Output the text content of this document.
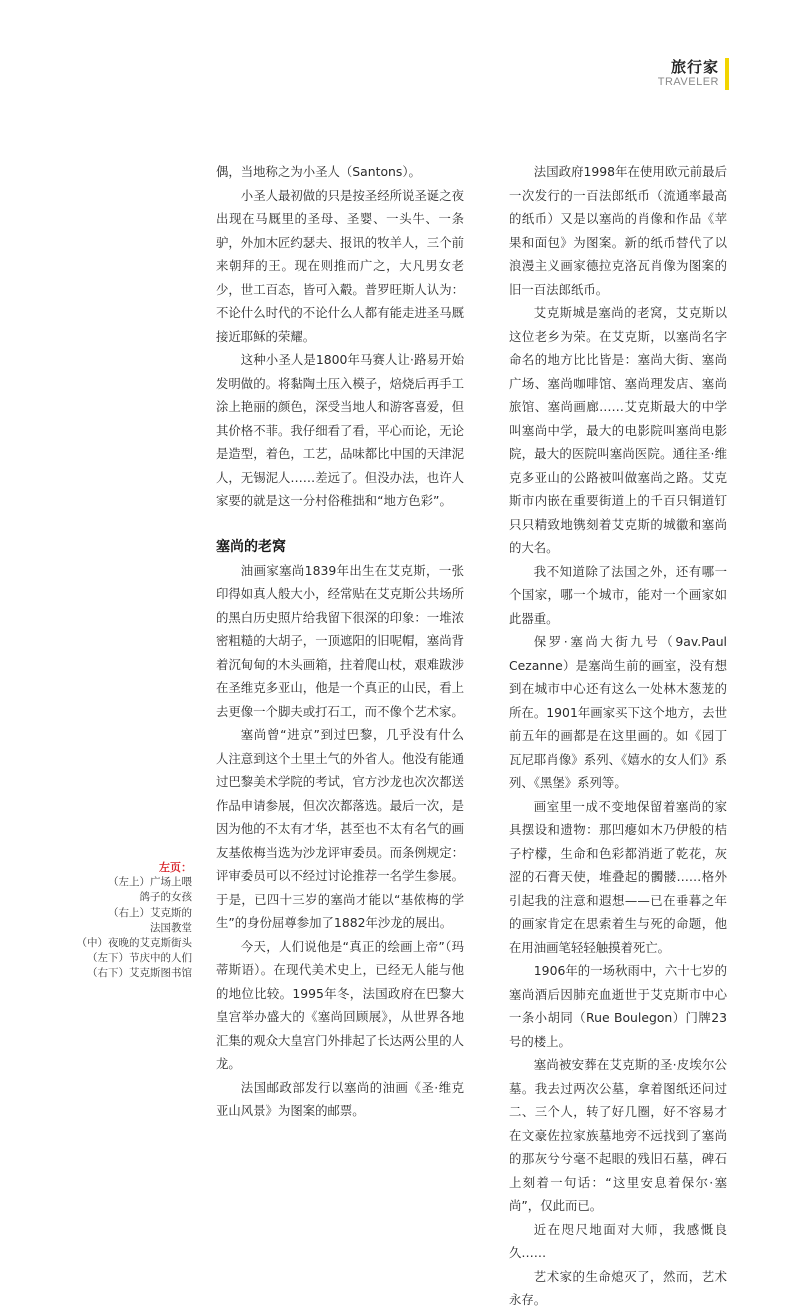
旅行家
TRAVELER

偶，当地称之为小圣人（Santons）。

小圣人最初做的只是按圣经所说圣诞之夜出现在马厩里的圣母、圣婴、一头牛、一条驴，外加木匠约瑟夫、报讯的牧羊人，三个前来朝拜的王。现在则推而广之，大凡男女老少，世工百态，皆可入觳。普罗旺斯人认为：不论什么时代的不论什么人都有能走进圣马厩接近耶稣的荣耀。

这种小圣人是1800年马赛人让·路易开始发明做的。将黏陶土压入模子，焙烧后再手工涂上艳丽的颜色，深受当地人和游客喜爱，但其价格不菲。我仔细看了看，平心而论，无论是造型，着色，工艺，品味都比中国的天津泥人，无锡泥人……差远了。但没办法，也许人家要的就是这一分村俗稚拙和“地方色彩”。

塞尚的老窝

油画家塞尚1839年出生在艾克斯，一张印得如真人般大小，经常贴在艾克斯公共场所的黑白历史照片给我留下很深的印象：一堆浓密粗糙的大胡子，一顶遮阳的旧呢帽，塞尚背着沉甸甸的木头画箱，拄着爬山杖，艰难跋涉在圣维克多亚山，他是一个真正的山民，看上去更像一个脚夫或打石工，而不像个艺术家。

塞尚曾“进京”到过巴黎，几乎没有什么人注意到这个土里土气的外省人。他没有能通过巴黎美术学院的考试，官方沙龙也次次都送作品申请参展，但次次都落选。最后一次，是因为他的不太有才华，甚至也不太有名气的画友基侬梅当选为沙龙评审委员。而条例规定：评审委员可以不经过讨论推荐一名学生参展。于是，已四十三岁的塞尚才能以“基侬梅的学生”的身份屈尊参加了1882年沙龙的展出。

今天，人们说他是“真正的绘画上帝”（玛蒂斯语）。在现代美术史上，已经无人能与他的地位比较。1995年冬，法国政府在巴黎大皇宫举办盛大的《塞尚回顾展》，从世界各地汇集的观众大皇宫门外排起了长达两公里的人龙。

法国邮政部发行以塞尚的油画《圣·维克亚山风景》为图案的邮票。

法国政府1998年在使用欧元前最后一次发行的一百法郎纸币（流通率最高的纸币）又是以塞尚的肖像和作品《苹果和面包》为图案。新的纸币替代了以浪漫主义画家德拉克洛瓦肖像为图案的旧一百法郎纸币。

艾克斯城是塞尚的老窝，艾克斯以这位老乡为荣。在艾克斯，以塞尚名字命名的地方比比皆是：塞尚大街、塞尚广场、塞尚咖啡馆、塞尚理发店、塞尚旅馆、塞尚画廊……艾克斯最大的中学叫塞尚中学，最大的电影院叫塞尚电影院，最大的医院叫塞尚医院。通往圣·维克多亚山的公路被叫做塞尚之路。艾克斯市内嵌在重要街道上的千百只铜道钉只只精致地镌刻着艾克斯的城徽和塞尚的大名。

我不知道除了法国之外，还有哪一个国家，哪一个城市，能对一个画家如此器重。

保罗·塞尚大街九号（9av.Paul Cezanne）是塞尚生前的画室，没有想到在城市中心还有这么一处林木葱茏的所在。1901年画家买下这个地方，去世前五年的画都是在这里画的。如《园丁瓦尼耶肖像》系列、《嬉水的女人们》系列、《黑堡》系列等。

画室里一成不变地保留着塞尚的家具摆设和遗物：那凹瘪如木乃伊般的桔子柠檬，生命和色彩都消逝了乾花，灰涩的石膏天使，堆叠起的髑髅……格外引起我的注意和遐想——已在垂暮之年的画家肯定在思索着生与死的命题，他在用油画笔轻轻触摸着死亡。

1906年的一场秋雨中，六十七岁的塞尚酒后因肺充血逝世于艾克斯市中心一条小胡同（Rue Boulegon）门牌23号的楼上。

塞尚被安葬在艾克斯的圣·皮埃尔公墓。我去过两次公墓，拿着图纸还问过二、三个人，转了好几圈，好不容易才在文豪佐拉家族墓地旁不远找到了塞尚的那灰兮兮毫不起眼的残旧石墓，碑石上刻着一句话：“这里安息着保尔·塞尚”，仅此而已。

近在咫尺地面对大师，我感慨良久……

艺术家的生命熄灭了，然而，艺术永存。

左页：
（左上）广场上喂
鸽子的女孩
（右上）艾克斯的
法国教堂
（中）夜晚的艾克斯街头
（左下）节庆中的人们
（右下）艾克斯图书馆
